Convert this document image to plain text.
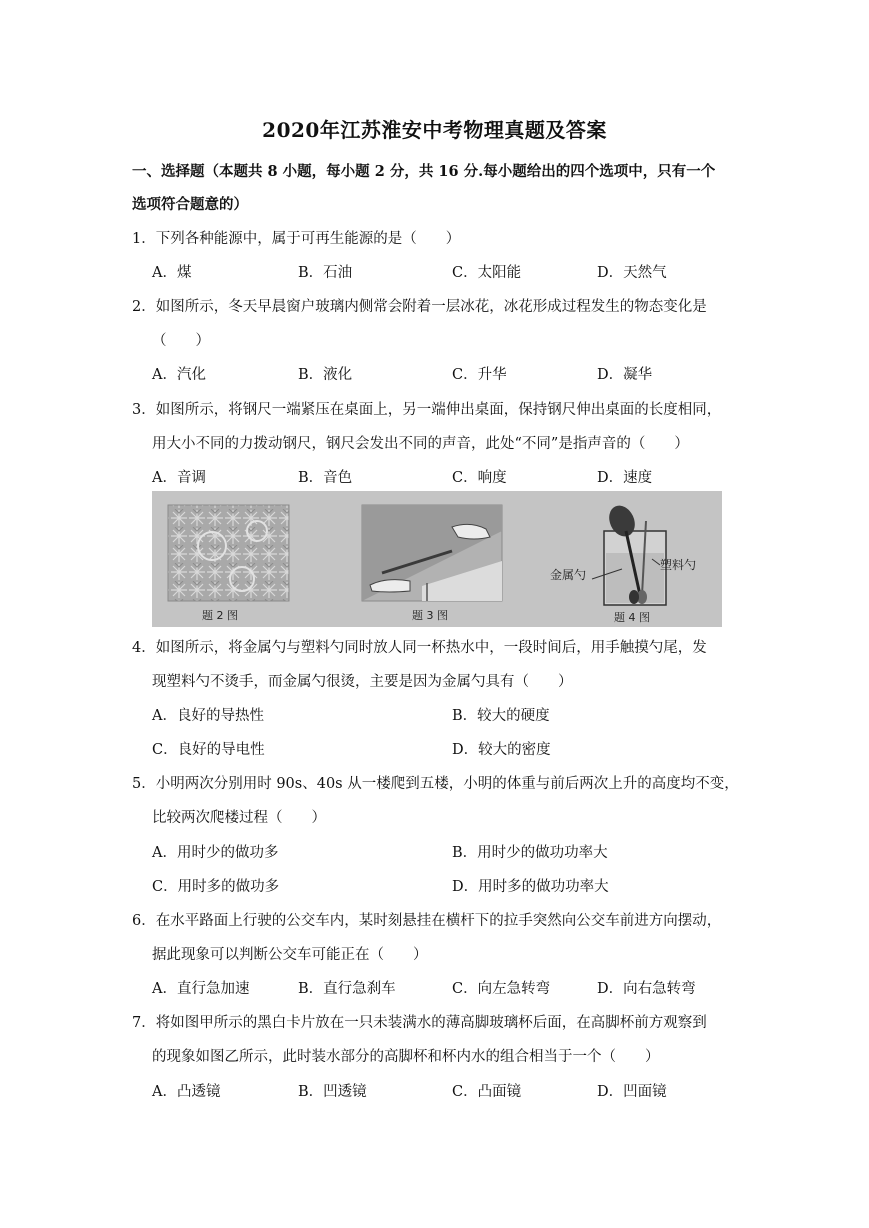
2020年江苏淮安中考物理真题及答案
一、选择题（本题共 8 小题，每小题 2 分，共 16 分.每小题给出的四个选项中，只有一个
选项符合题意的）
1．下列各种能源中，属于可再生能源的是（　　）
A．煤	B．石油	C．太阳能	D．天然气
2．如图所示，冬天早晨窗户玻璃内侧常会附着一层冰花，冰花形成过程发生的物态变化是
（　　）
A．汽化	B．液化	C．升华	D．凝华
3．如图所示，将钢尺一端紧压在桌面上，另一端伸出桌面，保持钢尺伸出桌面的长度相同，
用大小不同的力拨动钢尺，钢尺会发出不同的声音，此处“不同”是指声音的（　　）
A．音调	B．音色	C．响度	D．速度
题 2 图	题 3 图
金属勺
塑料勺
题 4 图
4．如图所示，将金属勺与塑料勺同时放人同一杯热水中，一段时间后，用手触摸勺尾，发
现塑料勺不烫手，而金属勺很烫，主要是因为金属勺具有（　　）
A．良好的导热性	B．较大的硬度
C．良好的导电性	D．较大的密度
5．小明两次分别用时 90s、40s 从一楼爬到五楼，小明的体重与前后两次上升的高度均不变，
比较两次爬楼过程（　　）
A．用时少的做功多	B．用时少的做功功率大
C．用时多的做功多	D．用时多的做功功率大
6．在水平路面上行驶的公交车内，某时刻悬挂在横杆下的拉手突然向公交车前进方向摆动，
据此现象可以判断公交车可能正在（　　）
A．直行急加速	B．直行急刹车	C．向左急转弯	D．向右急转弯
7．将如图甲所示的黑白卡片放在一只未装满水的薄高脚玻璃杯后面，在高脚杯前方观察到
的现象如图乙所示，此时装水部分的高脚杯和杯内水的组合相当于一个（　　）
A．凸透镜	B．凹透镜	C．凸面镜	D．凹面镜
